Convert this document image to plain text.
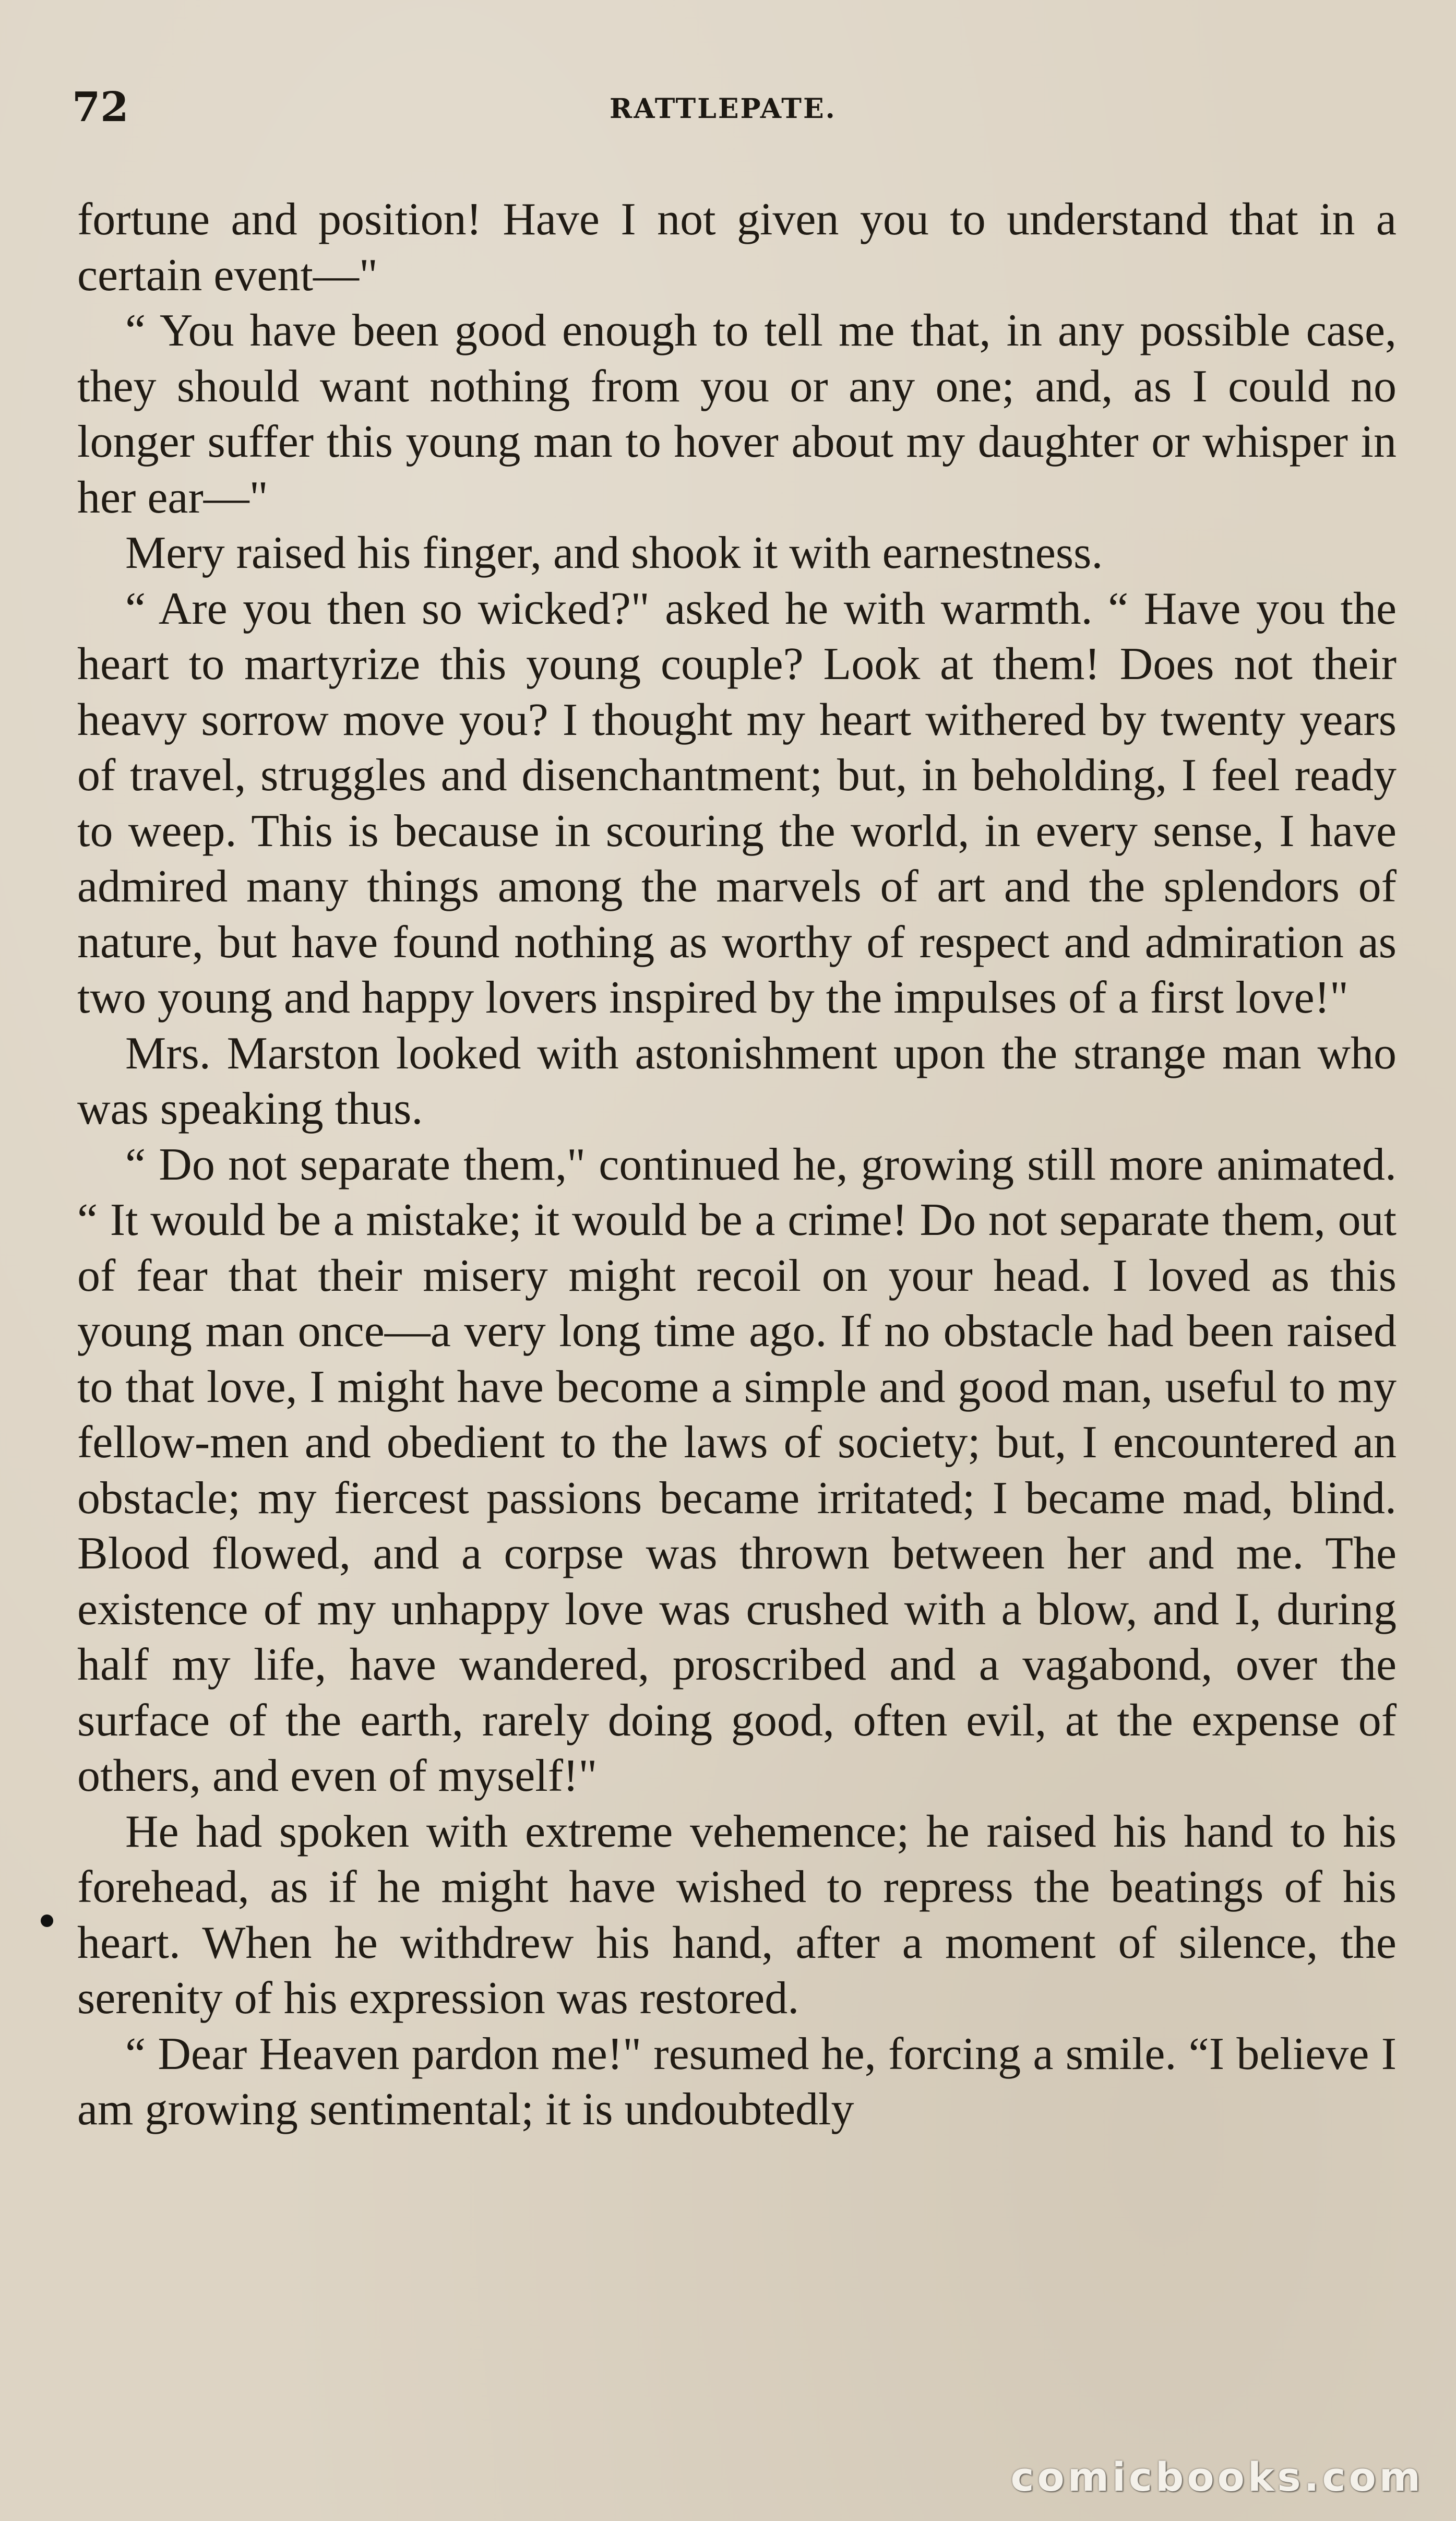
72	RATTLEPATE.

fortune and position! Have I not given you to understand that in a certain event—"

“ You have been good enough to tell me that, in any possible case, they should want nothing from you or any one; and, as I could no longer suffer this young man to hover about my daughter or whisper in her ear—"

Mery raised his finger, and shook it with earnestness.

“ Are you then so wicked?" asked he with warmth. “ Have you the heart to martyrize this young couple? Look at them! Does not their heavy sorrow move you? I thought my heart withered by twenty years of travel, struggles and disenchantment; but, in beholding, I feel ready to weep. This is because in scouring the world, in every sense, I have admired many things among the marvels of art and the splendors of nature, but have found nothing as worthy of respect and admiration as two young and happy lovers inspired by the impulses of a first love!"

Mrs. Marston looked with astonishment upon the strange man who was speaking thus.

“ Do not separate them," continued he, growing still more animated. “ It would be a mistake; it would be a crime! Do not separate them, out of fear that their misery might recoil on your head. I loved as this young man once—a very long time ago. If no obstacle had been raised to that love, I might have become a simple and good man, useful to my fellow-men and obedient to the laws of society; but, I encountered an obstacle; my fiercest passions became irritated; I became mad, blind. Blood flowed, and a corpse was thrown between her and me. The existence of my unhappy love was crushed with a blow, and I, during half my life, have wandered, proscribed and a vagabond, over the surface of the earth, rarely doing good, often evil, at the expense of others, and even of myself!"

He had spoken with extreme vehemence; he raised his hand to his forehead, as if he might have wished to repress the beatings of his heart. When he withdrew his hand, after a moment of silence, the serenity of his expression was restored.

“ Dear Heaven pardon me!" resumed he, forcing a smile. “I believe I am growing sentimental; it is undoubtedly

comicbooks.com
